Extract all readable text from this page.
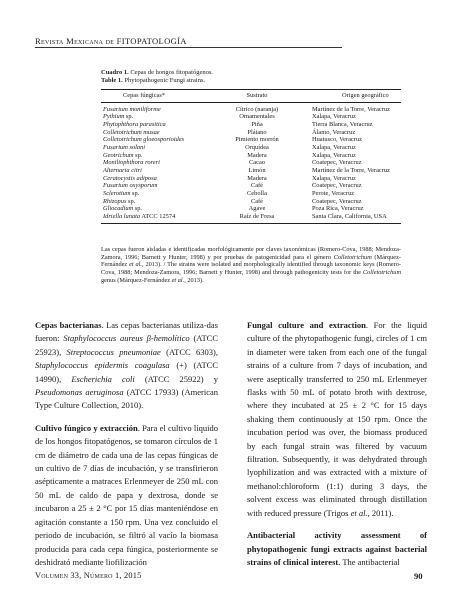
Revista Mexicana de FITOPATOLOGÍA
Cuadro 1. Cepas de hongos fitopatógenos.
Table 1. Phytopathogenic Fungi strains.
Cepas fúngicas*	Sustrato	Origen geográfico
Fusarium moniliforme	Cítrico (naranja)	Martínez de la Torre, Veracruz
Pythium sp.	Ornamentales	Xalapa, Veracruz
Phytophthora parasitica	Piña	Tierra Blanca, Veracruz
Colletotrichum musae	Plátano	Álamo, Veracruz
Colletotrichum gloeosporioides	Pimiento morrón	Huatusco, Veracruz
Fusarium solani	Orquídea	Xalapa, Veracruz
Geotrichum sp.	Madera	Xalapa, Veracruz
Moniliophthora roreri	Cacao	Coatepec, Veracruz
Alternaria citri	Limón	Martínez de la Torre, Veracruz
Ceratocystis adiposa	Madera	Xalapa, Veracruz
Fusarium oxysporum	Café	Coatepec, Veracruz
Sclerotium sp.	Cebolla	Perote, Veracruz
Rhizopus sp.	Café	Coatepec, Veracruz
Gliocadium sp.	Agave	Poza Rica, Veracruz
Idriella lunata ATCC 12574	Raíz de Fresa	Santa Clara, California, USA
Las cepas fueron aisladas e identificadas morfológicamente por claves taxonómicas (Romero-Cova, 1988; Mendoza-Zamora, 1996; Barnett y Hunter, 1998) y por pruebas de patogenicidad para el género Colletotrichum (Márquez-Fernández et al., 2013). / The strains were isolated and morphologically identified through taxonomic keys (Romero-Cova, 1988; Mendoza-Zamora, 1996; Barnett y Hunter, 1998) and through pathogenicity tests for the Colletotrichum genus (Márquez-Fernández et al., 2013).

Cepas bacterianas. Las cepas bacterianas utiliza-das fueron: Staphylococcus aureus β-hemolítico (ATCC 25923), Streptococcus pneumoniae (ATCC 6303), Staphylococcus epidermis coagulasa (+) (ATCC 14990), Escherichia coli (ATCC 25922) y Pseudomonas aeruginosa (ATCC 17933) (American Type Culture Collection, 2010).

Cultivo fúngico y extracción. Para el cultivo líquido de los hongos fitopatógenos, se tomaron círculos de 1 cm de diámetro de cada una de las cepas fúngicas de un cultivo de 7 días de incubación, y se transfirieron asépticamente a matraces Erlenmeyer de 250 mL con 50 mL de caldo de papa y dextrosa, donde se incubaron a 25 ± 2 °C por 15 días manteniéndose en agitación constante a 150 rpm. Una vez concluido el periodo de incubación, se filtró al vacío la biomasa producida para cada cepa fúngica, posteriormente se deshidrató mediante liofilización

Fungal culture and extraction. For the liquid culture of the phytopathogenic fungi, circles of 1 cm in diameter were taken from each one of the fungal strains of a culture from 7 days of incubation, and were aseptically transferred to 250 mL Erlenmeyer flasks with 50 mL of potato broth with dextrose, where they incubated at 25 ± 2 °C for 15 days shaking them continuously at 150 rpm. Once the incubation period was over, the biomass produced by each fungal strain was filtered by vacuum filtration. Subsequently, it was dehydrated through lyophilization and was extracted with a mixture of methanol:chloroform (1:1) during 3 days, the solvent excess was eliminated through distillation with reduced pressure (Trigos et al., 2011).

Antibacterial activity assessment of phytopathogenic fungi extracts against bacterial strains of clinical interest. The antibacterial

Volumen 33, Número 1, 2015	90
